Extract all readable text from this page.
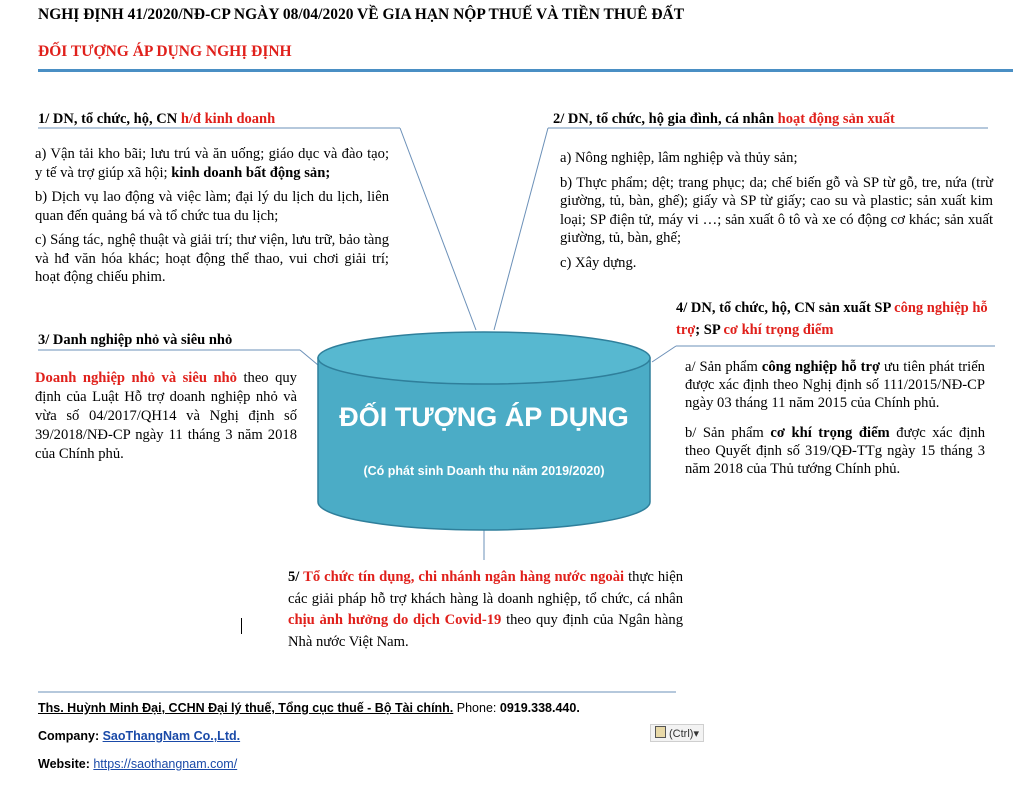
NGHỊ ĐỊNH 41/2020/NĐ-CP NGÀY 08/04/2020 VỀ GIA HẠN NỘP THUẾ VÀ TIỀN THUÊ ĐẤT
ĐỐI TƯỢNG ÁP DỤNG NGHỊ ĐỊNH
1/ DN, tổ chức, hộ, CN h/đ kinh doanh

a) Vận tải kho bãi; lưu trú và ăn uống; giáo dục và đào tạo; y tế và trợ giúp xã hội; kinh doanh bất động sản;

b) Dịch vụ lao động và việc làm; đại lý du lịch du lịch, liên quan đến quảng bá và tổ chức tua du lịch;

c) Sáng tác, nghệ thuật và giải trí; thư viện, lưu trữ, bảo tàng và hđ văn hóa khác; hoạt động thể thao, vui chơi giải trí; hoạt động chiếu phim.

2/ DN, tổ chức, hộ gia đình, cá nhân hoạt động sản xuất

a) Nông nghiệp, lâm nghiệp và thủy sản;

b) Thực phẩm; dệt; trang phục; da; chế biến gỗ và SP từ gỗ, tre, nứa (trừ giường, tủ, bàn, ghế); giấy và SP từ giấy; cao su và plastic; sản xuất kim loại; SP điện tử, máy vi …; sản xuất ô tô và xe có động cơ khác; sản xuất giường, tủ, bàn, ghế;

c) Xây dựng.

3/ Danh nghiệp nhỏ và siêu nhỏ
Doanh nghiệp nhỏ và siêu nhỏ theo quy định của Luật Hỗ trợ doanh nghiệp nhỏ và vừa số 04/2017/QH14 và Nghị định số 39/2018/NĐ-CP ngày 11 tháng 3 năm 2018 của Chính phủ.
4/ DN, tổ chức, hộ, CN sản xuất SP công nghiệp hỗ trợ; SP cơ khí trọng điểm

a/ Sản phẩm công nghiệp hỗ trợ ưu tiên phát triển được xác định theo Nghị định số 111/2015/NĐ-CP ngày 03 tháng 11 năm 2015 của Chính phủ.

b/ Sản phẩm cơ khí trọng điểm được xác định theo Quyết định số 319/QĐ-TTg ngày 15 tháng 3 năm 2018 của Thủ tướng Chính phủ.

ĐỐI TƯỢNG ÁP DỤNG
(Có phát sinh Doanh thu năm 2019/2020)
5/ Tổ chức tín dụng, chi nhánh ngân hàng nước ngoài thực hiện các giải pháp hỗ trợ khách hàng là doanh nghiệp, tổ chức, cá nhân chịu ảnh hưởng do dịch Covid-19 theo quy định của Ngân hàng Nhà nước Việt Nam.
Ths. Huỳnh Minh Đại, CCHN Đại lý thuế, Tổng cục thuế - Bộ Tài chính. Phone: 0919.338.440.
Company: SaoThangNam Co.,Ltd.
Website: https://saothangnam.com/
(Ctrl)▾
